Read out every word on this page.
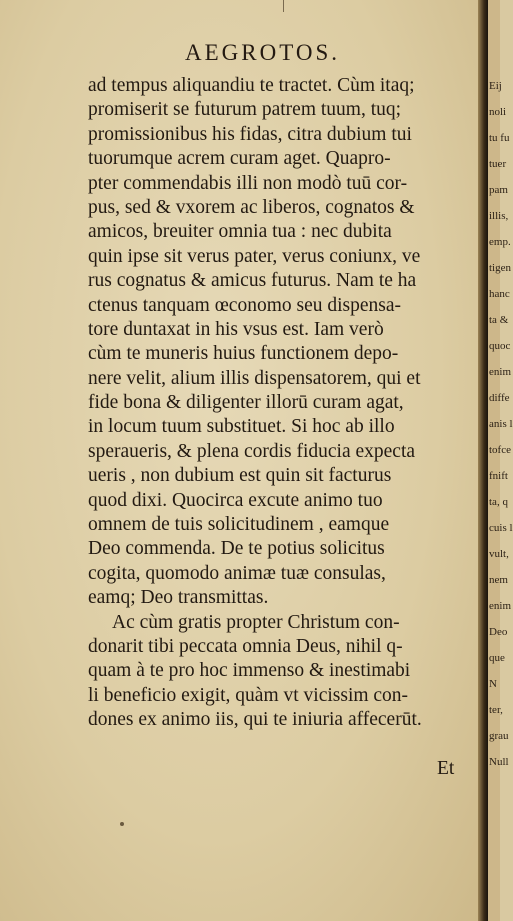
Eij
noli
tu fu
tuer
pam
illis,
emp.
tigen
hanc
ta &
quoc
enim
diffe
anis l
tofce
fnift
ta, q
cuis l
vult,
nem
enim
Deo
que
N
ter,
grau
Null
AEGROTOS.
ad tempus aliquandiu te tractet. Cùm itaq;
promiserit se futurum patrem tuum, tuq;
promissionibus his fidas, citra dubium tui
tuorumque acrem curam aget. Quapro-
pter commendabis illi non modò tuū cor-
pus, sed & vxorem ac liberos, cognatos &
amicos, breuiter omnia tua : nec dubita
quin ipse sit verus pater, verus coniunx, ve
rus cognatus & amicus futurus. Nam te ha
ctenus tanquam œconomo seu dispensa-
tore duntaxat in his vsus est. Iam verò
cùm te muneris huius functionem depo-
nere velit, alium illis dispensatorem, qui et
fide bona & diligenter illorū curam agat,
in locum tuum substituet. Si hoc ab illo
speraueris, & plena cordis fiducia expecta
ueris , non dubium est quin sit facturus
quod dixi. Quocirca excute animo tuo
omnem de tuis solicitudinem , eamque
Deo commenda. De te potius solicitus
cogita, quomodo animæ tuæ consulas,
eamq; Deo transmittas.
Ac cùm gratis propter Christum con-
donarit tibi peccata omnia Deus, nihil q-
quam à te pro hoc immenso & inestimabi
li beneficio exigit, quàm vt vicissim con-
dones ex animo iis, qui te iniuria affecerūt.
Et
